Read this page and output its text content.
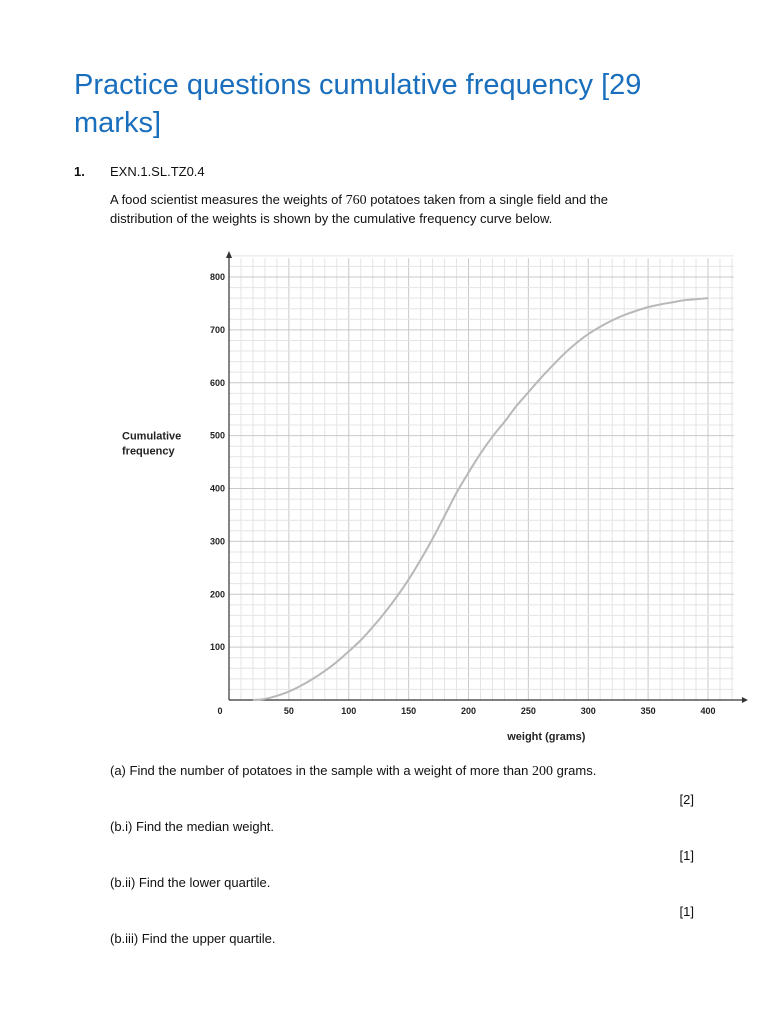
Practice questions cumulative frequency [29 marks]
1. EXN.1.SL.TZ0.4
A food scientist measures the weights of 760 potatoes taken from a single field and the distribution of the weights is shown by the cumulative frequency curve below.
0	50	100	150	200	250	300	350	400
100
200
300
400
500
600
700
800
weight (grams)
Cumulative frequency
(a) Find the number of potatoes in the sample with a weight of more than 200 grams.
[2]
(b.i) Find the median weight.
[1]
(b.ii) Find the lower quartile.
[1]
(b.iii) Find the upper quartile.
